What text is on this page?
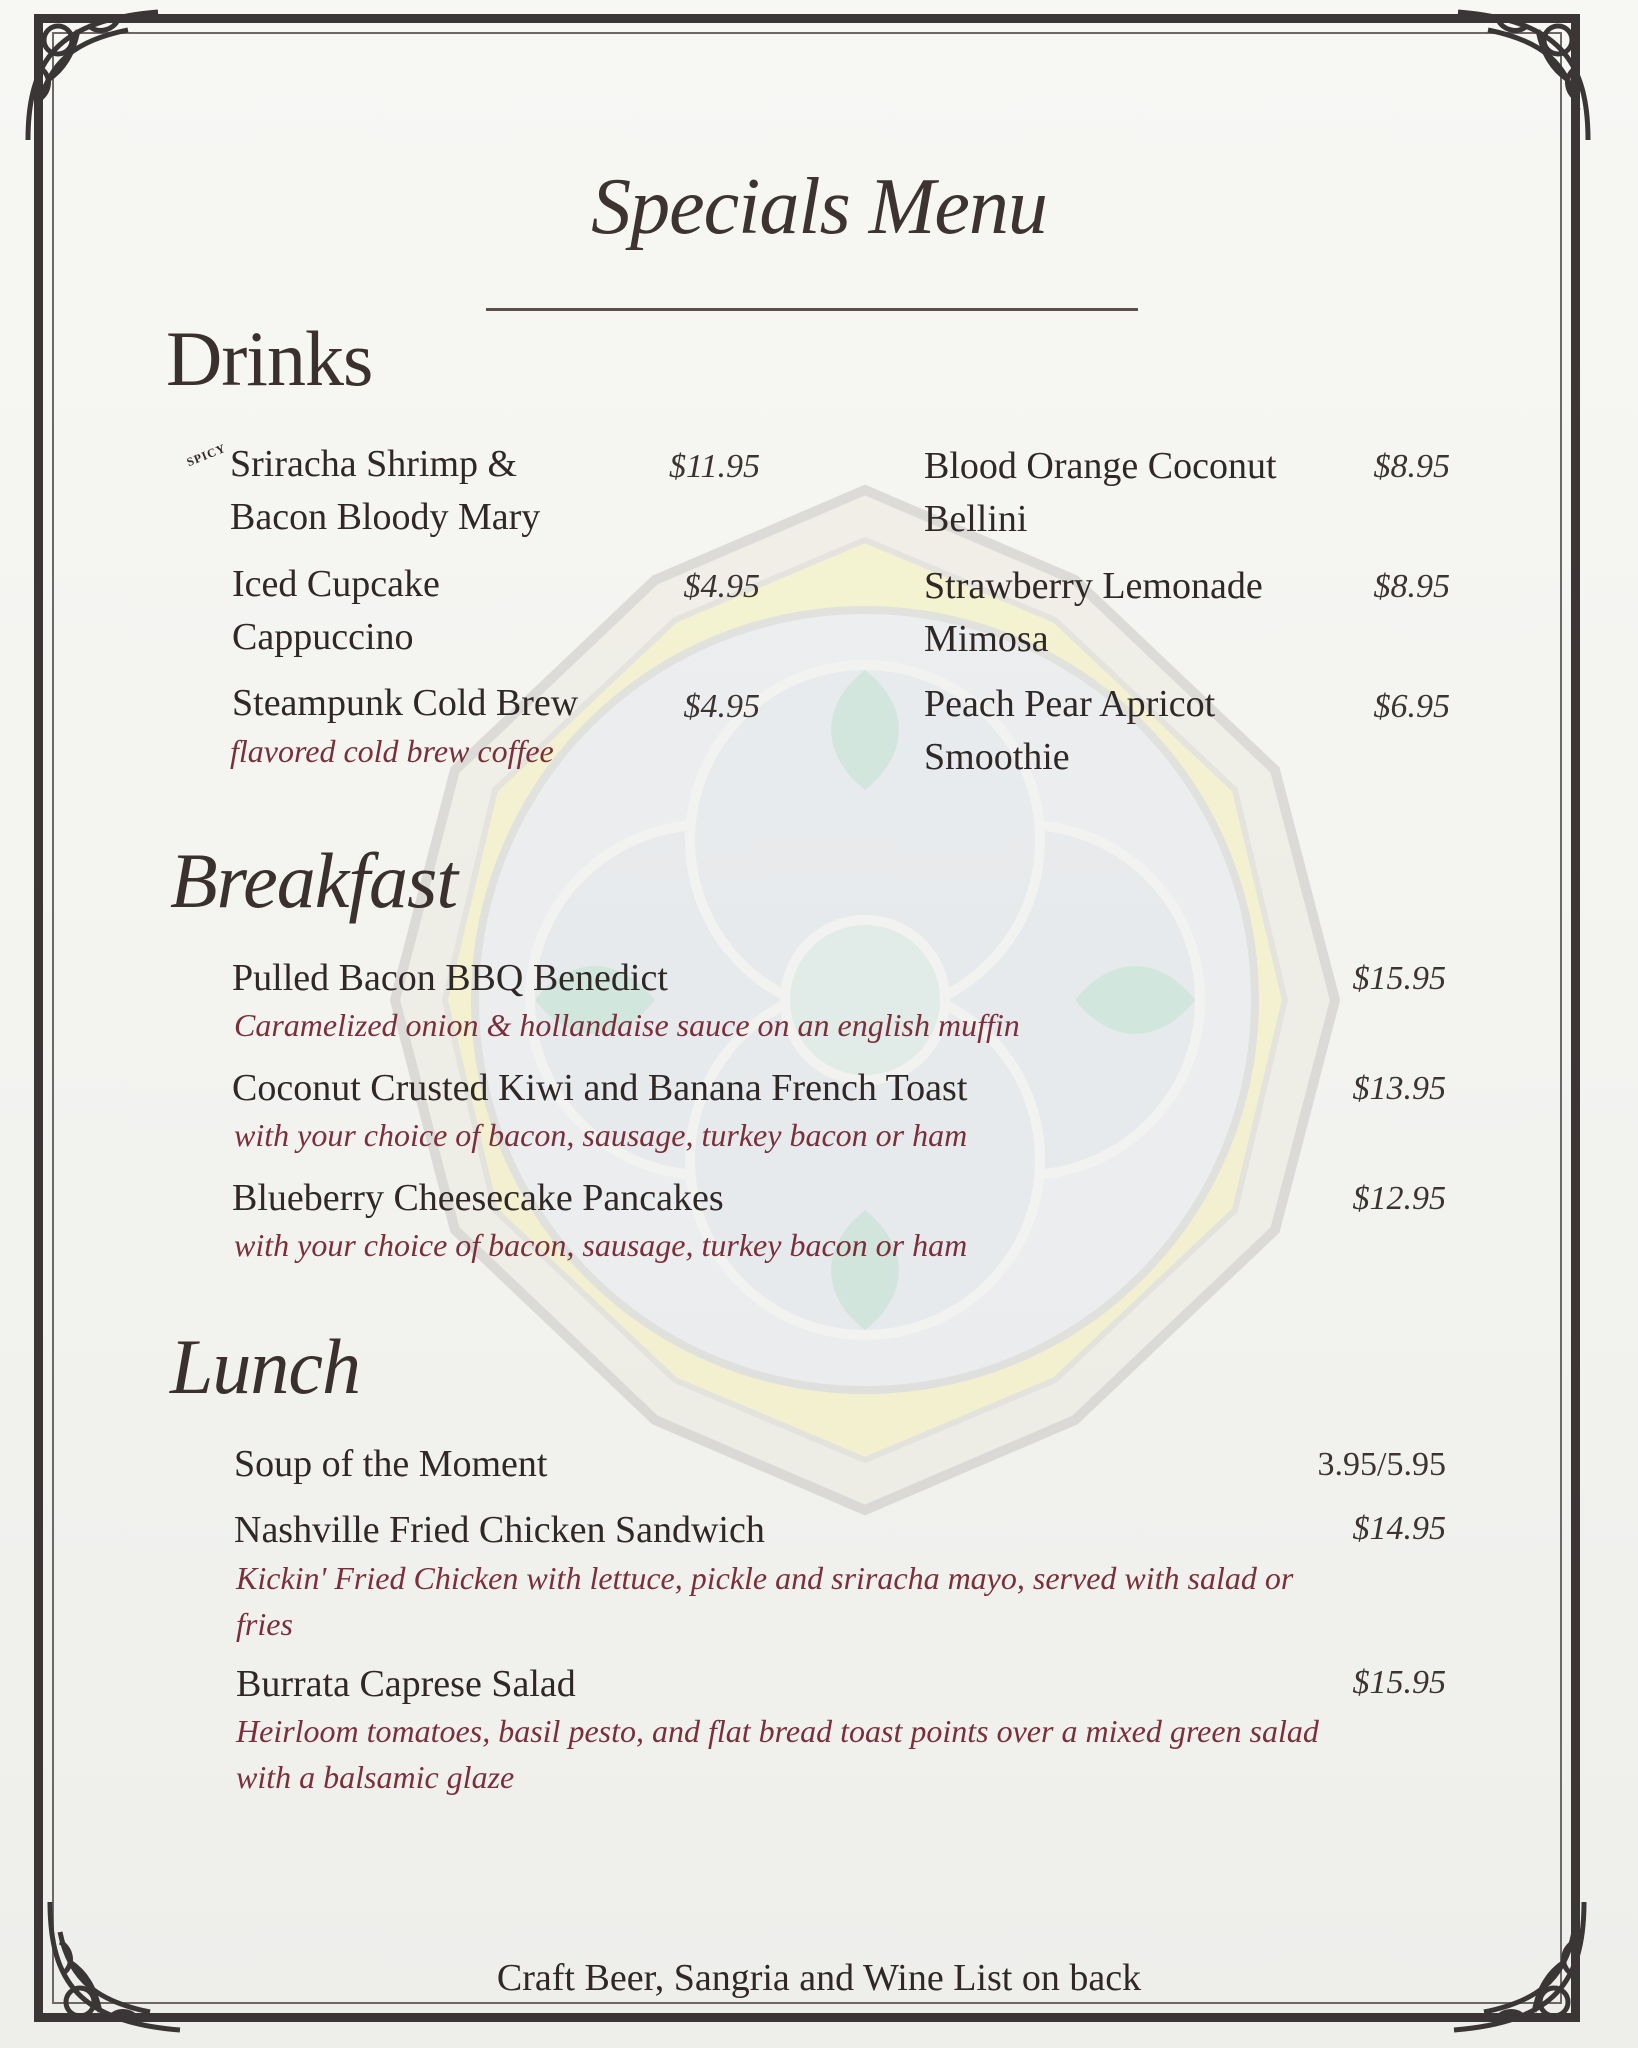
Specials Menu
Drinks
SPICY Sriracha Shrimp &
Bacon Bloody Mary
$11.95
Iced Cupcake
Cappuccino
$4.95
Steampunk Cold Brew
flavored cold brew coffee
$4.95
Blood Orange Coconut
Bellini
$8.95
Strawberry Lemonade
Mimosa
$8.95
Peach Pear Apricot
Smoothie
$6.95
Breakfast
Pulled Bacon BBQ Benedict
Caramelized onion & hollandaise sauce on an english muffin
$15.95
Coconut Crusted Kiwi and Banana French Toast
with your choice of bacon, sausage, turkey bacon or ham
$13.95
Blueberry Cheesecake Pancakes
with your choice of bacon, sausage, turkey bacon or ham
$12.95
Lunch
Soup of the Moment	3.95/5.95
Nashville Fried Chicken Sandwich
Kickin' Fried Chicken with lettuce, pickle and sriracha mayo, served with salad or
fries
$14.95
Burrata Caprese Salad
Heirloom tomatoes, basil pesto, and flat bread toast points over a mixed green salad
with a balsamic glaze
$15.95
Craft Beer, Sangria and Wine List on back
